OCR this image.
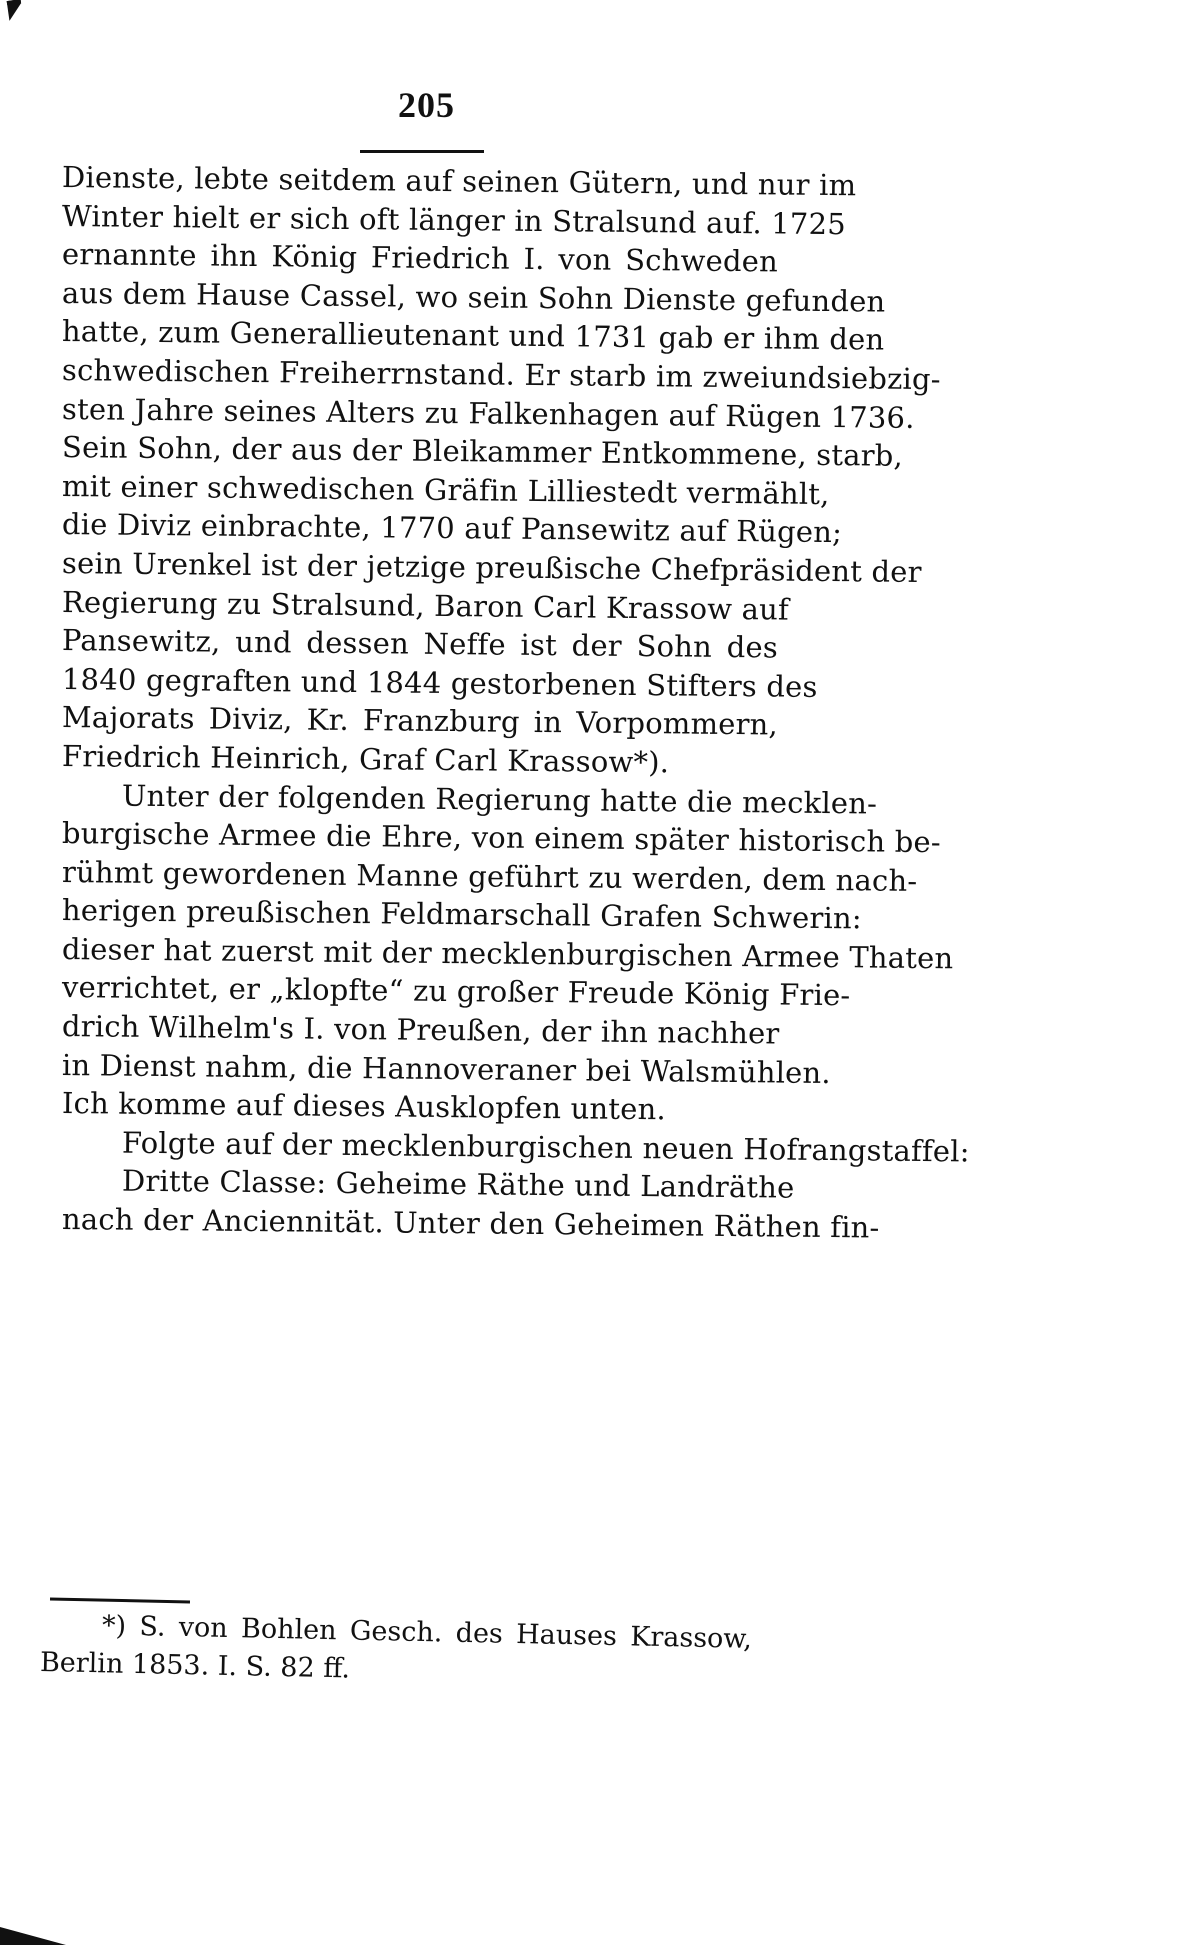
205
Dienste, lebte seitdem auf seinen Gütern, und nur im
Winter hielt er sich oft länger in Stralsund auf. 1725
ernannte ihn König Friedrich I. von Schweden
aus dem Hause Cassel, wo sein Sohn Dienste gefunden
hatte, zum Generallieutenant und 1731 gab er ihm den
schwedischen Freiherrnstand. Er starb im zweiundsiebzig-
sten Jahre seines Alters zu Falkenhagen auf Rügen 1736.
Sein Sohn, der aus der Bleikammer Entkommene, starb,
mit einer schwedischen Gräfin Lilliestedt vermählt,
die Diviz einbrachte, 1770 auf Pansewitz auf Rügen;
sein Urenkel ist der jetzige preußische Chefpräsident der
Regierung zu Stralsund, Baron Carl Krassow auf
Pansewitz, und dessen Neffe ist der Sohn des
1840 gegraften und 1844 gestorbenen Stifters des
Majorats Diviz, Kr. Franzburg in Vorpommern,
Friedrich Heinrich, Graf Carl Krassow*).
Unter der folgenden Regierung hatte die mecklen-
burgische Armee die Ehre, von einem später historisch be-
rühmt gewordenen Manne geführt zu werden, dem nach-
herigen preußischen Feldmarschall Grafen Schwerin:
dieser hat zuerst mit der mecklenburgischen Armee Thaten
verrichtet, er „klopfte“ zu großer Freude König Frie-
drich Wilhelm's I. von Preußen, der ihn nachher
in Dienst nahm, die Hannoveraner bei Walsmühlen.
Ich komme auf dieses Ausklopfen unten.
Folgte auf der mecklenburgischen neuen Hofrangstaffel:
Dritte Classe: Geheime Räthe und Landräthe
nach der Anciennität. Unter den Geheimen Räthen fin-
*) S. von Bohlen Gesch. des Hauses Krassow,
Berlin 1853. I. S. 82 ff.
